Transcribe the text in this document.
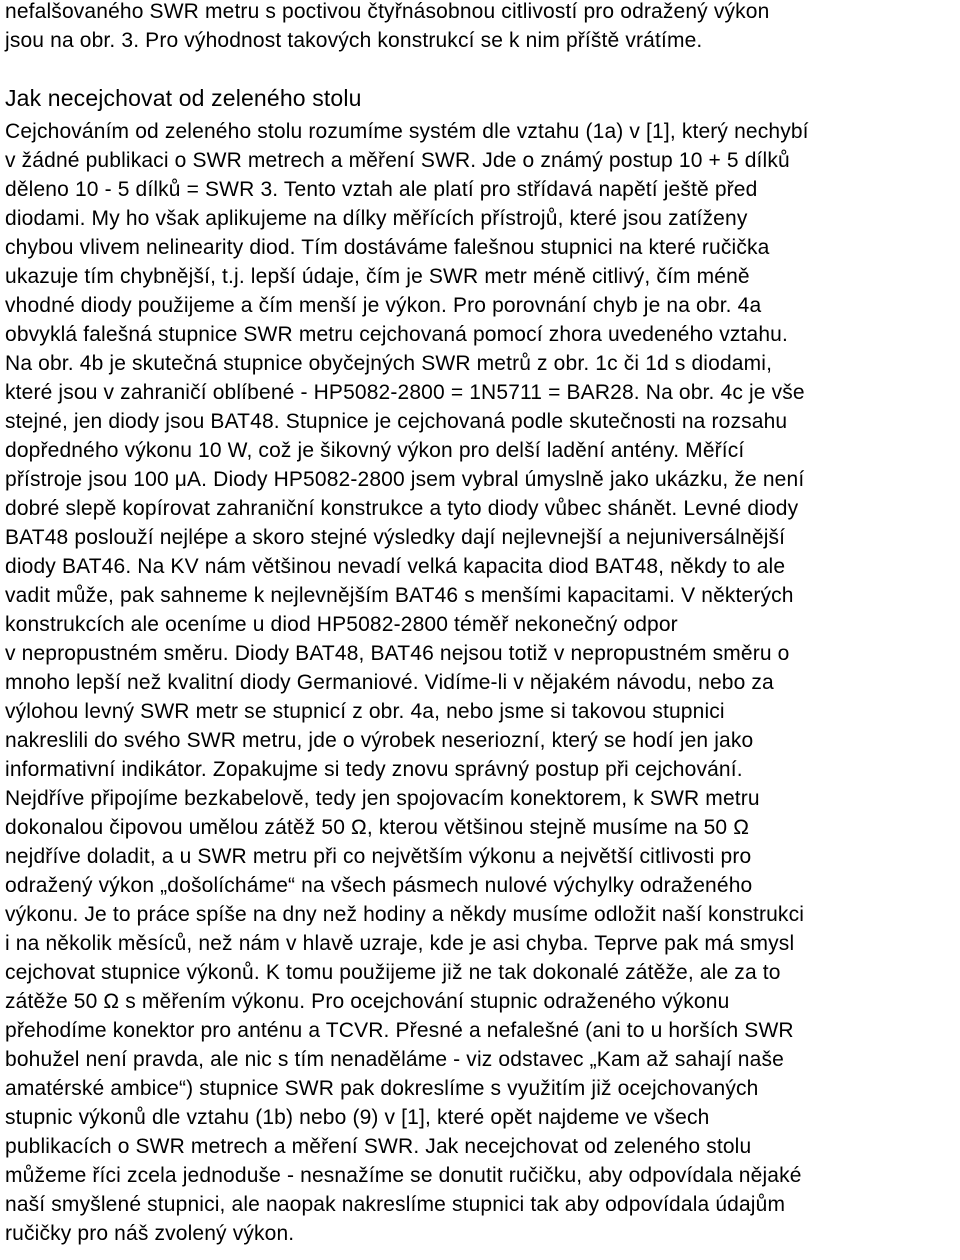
nefalšovaného SWR metru s poctivou čtyřnásobnou citlivostí pro odražený výkon
jsou na obr. 3. Pro výhodnost takových konstrukcí se k nim příště vrátíme.
Jak necejchovat od zeleného stolu
Cejchováním od zeleného stolu rozumíme systém dle vztahu (1a) v [1], který nechybí
v žádné publikaci o SWR metrech a měření SWR. Jde o známý postup 10 + 5 dílků
děleno 10 - 5 dílků = SWR 3. Tento vztah ale platí pro střídavá napětí ještě před
diodami. My ho však aplikujeme na dílky měřících přístrojů, které jsou zatíženy
chybou vlivem nelinearity diod. Tím dostáváme falešnou stupnici na které ručička
ukazuje tím chybnější, t.j. lepší údaje, čím je SWR metr méně citlivý, čím méně
vhodné diody použijeme a čím menší je výkon. Pro porovnání chyb je na obr. 4a
obvyklá falešná stupnice SWR metru cejchovaná pomocí zhora uvedeného vztahu.
Na obr. 4b je skutečná stupnice obyčejných SWR metrů z obr. 1c či 1d s diodami,
které jsou v zahraničí oblíbené - HP5082-2800 = 1N5711 = BAR28. Na obr. 4c je vše
stejné, jen diody jsou BAT48. Stupnice je cejchovaná podle skutečnosti na rozsahu
dopředného výkonu 10 W, což je šikovný výkon pro delší ladění antény. Měřící
přístroje jsou 100 μA. Diody HP5082-2800 jsem vybral úmyslně jako ukázku, že není
dobré slepě kopírovat zahraniční konstrukce a tyto diody vůbec shánět. Levné diody
BAT48 poslouží nejlépe a skoro stejné výsledky dají nejlevnejší a nejuniversálnější
diody BAT46. Na KV nám většinou nevadí velká kapacita diod BAT48, někdy to ale
vadit může, pak sahneme k nejlevnějším BAT46 s menšími kapacitami. V některých
konstrukcích ale oceníme u diod HP5082-2800 téměř nekonečný odpor
v nepropustném směru. Diody BAT48, BAT46 nejsou totiž v nepropustném směru o
mnoho lepší než kvalitní diody Germaniové. Vidíme-li v nějakém návodu, nebo za
výlohou levný SWR metr se stupnicí z obr. 4a, nebo jsme si takovou stupnici
nakreslili do svého SWR metru, jde o výrobek neseriozní, který se hodí jen jako
informativní indikátor. Zopakujme si tedy znovu správný postup při cejchování.
Nejdříve připojíme bezkabelově, tedy jen spojovacím konektorem, k SWR metru
dokonalou čipovou umělou zátěž 50 Ω, kterou většinou stejně musíme na 50 Ω
nejdříve doladit, a u SWR metru při co největším výkonu a největší citlivosti pro
odražený výkon „došolícháme“ na všech pásmech nulové výchylky odraženého
výkonu. Je to práce spíše na dny než hodiny a někdy musíme odložit naší konstrukci
i na několik měsíců, než nám v hlavě uzraje, kde je asi chyba. Teprve pak má smysl
cejchovat stupnice výkonů. K tomu použijeme již ne tak dokonalé zátěže, ale za to
zátěže 50 Ω s měřením výkonu. Pro ocejchování stupnic odraženého výkonu
přehodíme konektor pro anténu a TCVR. Přesné a nefalešné (ani to u horších SWR
bohužel není pravda, ale nic s tím nenaděláme - viz odstavec „Kam až sahají naše
amatérské ambice“) stupnice SWR pak dokreslíme s využitím již ocejchovaných
stupnic výkonů dle vztahu (1b) nebo (9) v [1], které opět najdeme ve všech
publikacích o SWR metrech a měření SWR. Jak necejchovat od zeleného stolu
můžeme říci zcela jednoduše - nesnažíme se donutit ručičku, aby odpovídala nějaké
naší smyšlené stupnici, ale naopak nakreslíme stupnici tak aby odpovídala údajům
ručičky pro náš zvolený výkon.
